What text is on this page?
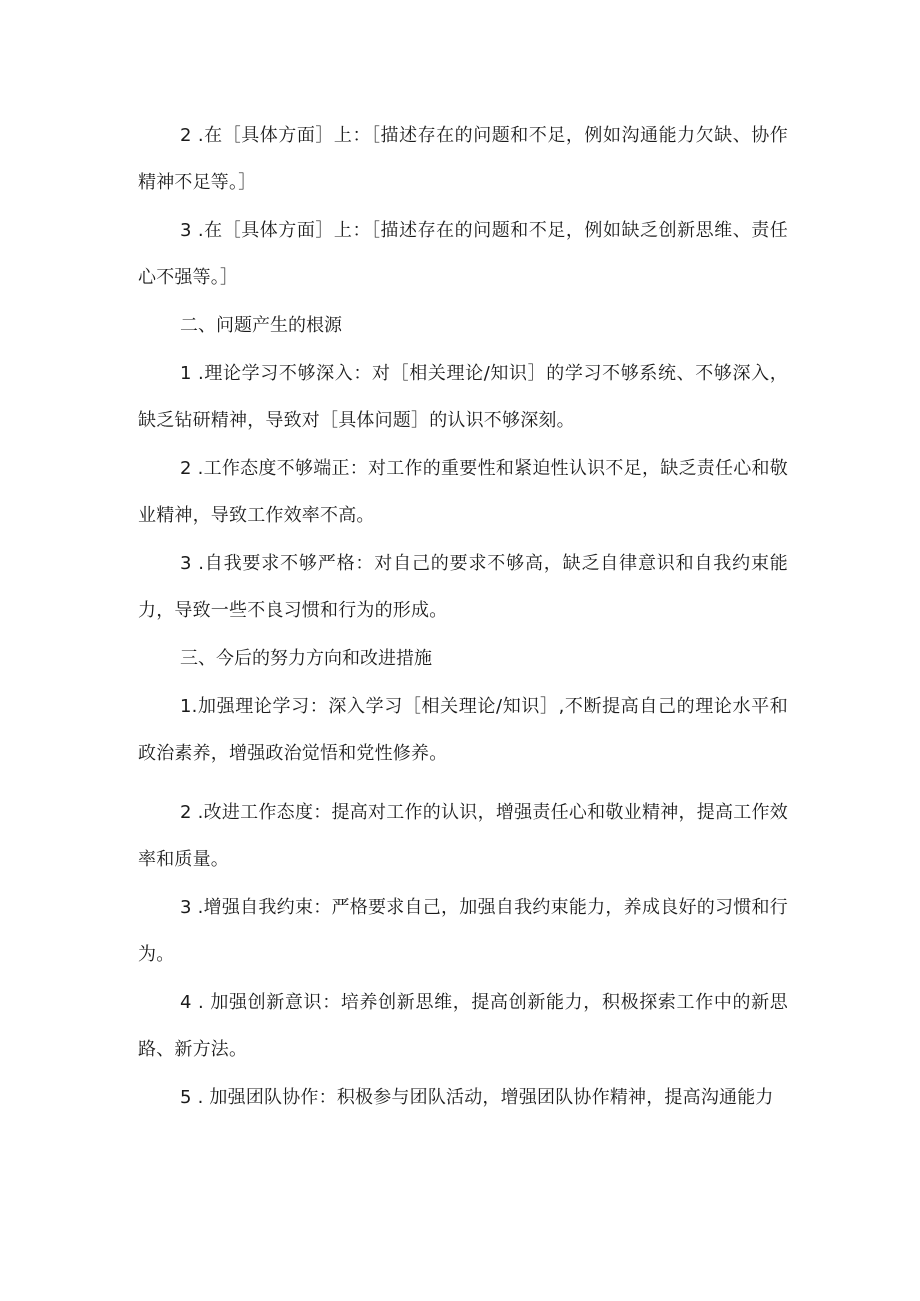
2 .在［具体方面］上：［描述存在的问题和不足，例如沟通能力欠缺、协作精神不足等。］

3 .在［具体方面］上：［描述存在的问题和不足，例如缺乏创新思维、责任心不强等。］

二、问题产生的根源

1 .理论学习不够深入：对［相关理论/知识］的学习不够系统、不够深入，缺乏钻研精神，导致对［具体问题］的认识不够深刻。

2 .工作态度不够端正：对工作的重要性和紧迫性认识不足，缺乏责任心和敬业精神，导致工作效率不高。

3 .自我要求不够严格：对自己的要求不够高，缺乏自律意识和自我约束能力，导致一些不良习惯和行为的形成。

三、今后的努力方向和改进措施

1.加强理论学习：深入学习［相关理论/知识］,不断提高自己的理论水平和政治素养，增强政治觉悟和党性修养。

2 .改进工作态度：提高对工作的认识，增强责任心和敬业精神，提高工作效率和质量。

3 .增强自我约束：严格要求自己，加强自我约束能力，养成良好的习惯和行为。

4 . 加强创新意识：培养创新思维，提高创新能力，积极探索工作中的新思路、新方法。

5 . 加强团队协作：积极参与团队活动，增强团队协作精神，提高沟通能力
